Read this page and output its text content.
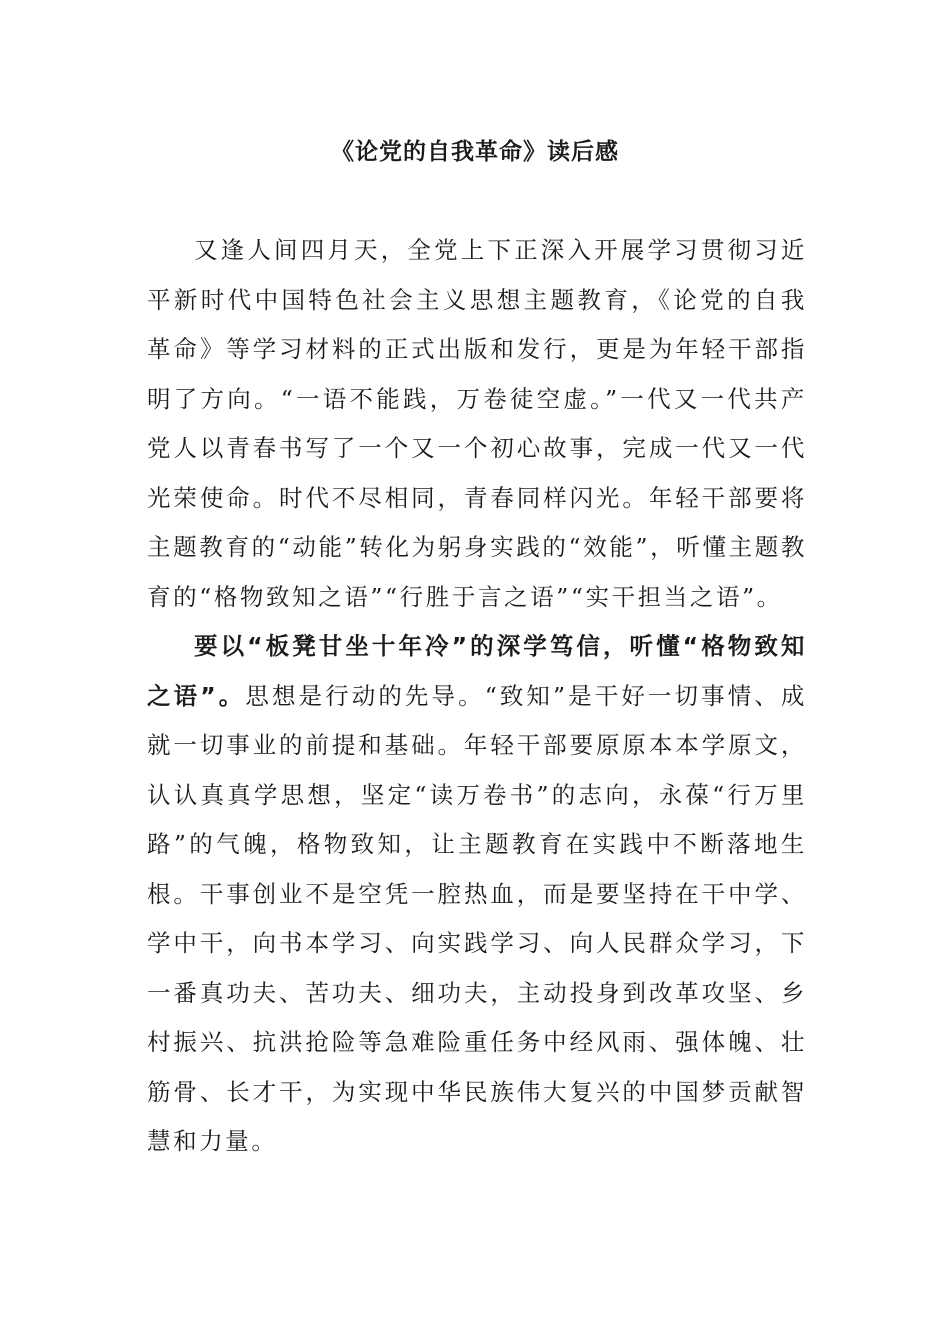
《论党的自我革命》读后感

又逢人间四月天，全党上下正深入开展学习贯彻习近平新时代中国特色社会主义思想主题教育，《论党的自我革命》等学习材料的正式出版和发行，更是为年轻干部指明了方向。“一语不能践，万卷徒空虚。”一代又一代共产党人以青春书写了一个又一个初心故事，完成一代又一代光荣使命。时代不尽相同，青春同样闪光。年轻干部要将主题教育的“动能”转化为躬身实践的“效能”，听懂主题教育的“格物致知之语”“行胜于言之语”“实干担当之语”。

要以“板凳甘坐十年冷”的深学笃信，听懂“格物致知之语”。思想是行动的先导。“致知”是干好一切事情、成就一切事业的前提和基础。年轻干部要原原本本学原文，认认真真学思想，坚定“读万卷书”的志向，永葆“行万里路”的气魄，格物致知，让主题教育在实践中不断落地生根。干事创业不是空凭一腔热血，而是要坚持在干中学、学中干，向书本学习、向实践学习、向人民群众学习，下一番真功夫、苦功夫、细功夫，主动投身到改革攻坚、乡村振兴、抗洪抢险等急难险重任务中经风雨、强体魄、壮筋骨、长才干，为实现中华民族伟大复兴的中国梦贡献智慧和力量。
